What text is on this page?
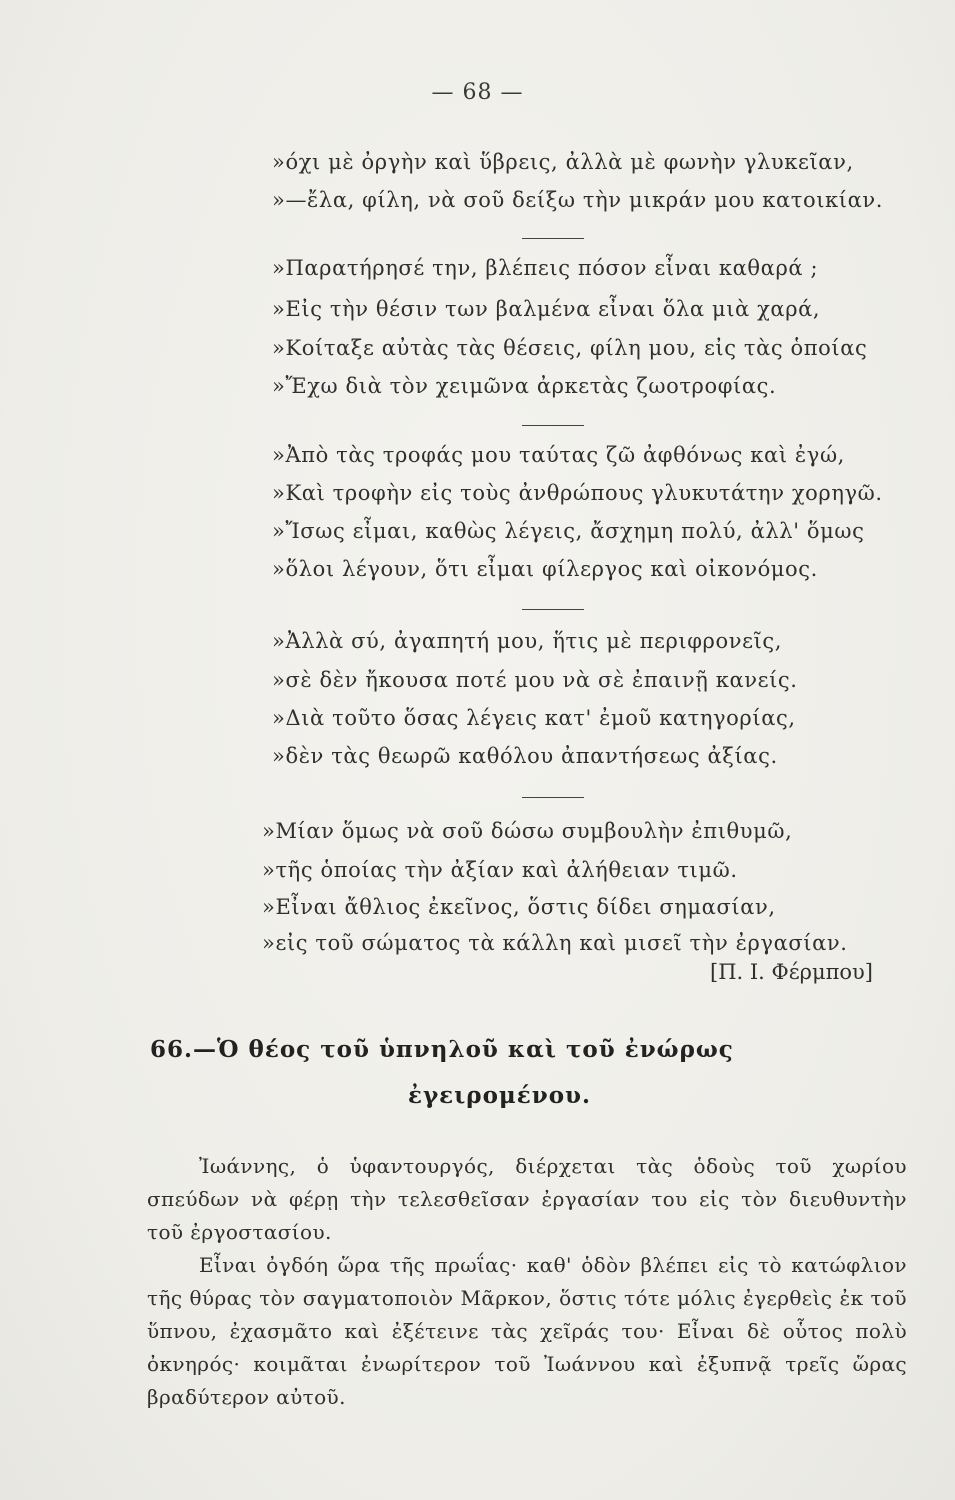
— 68 —
»όχι μὲ ὀργὴν καὶ ὕβρεις, ἀλλὰ μὲ φωνὴν γλυκεῖαν,
»—ἔλα, φίλη, νὰ σοῦ δείξω τὴν μικράν μου κατοικίαν.
»Παρατήρησέ την, βλέπεις πόσον εἶναι καθαρά ;
»Εἰς τὴν θέσιν των βαλμένα εἶναι ὅλα μιὰ χαρά,
»Κοίταξε αὐτὰς τὰς θέσεις, φίλη μου, εἰς τὰς ὁποίας
»Ἔχω διὰ τὸν χειμῶνα ἀρκετὰς ζωοτροφίας.
»Ἀπὸ τὰς τροφάς μου ταύτας ζῶ ἀφθόνως καὶ ἐγώ,
»Καὶ τροφὴν εἰς τοὺς ἀνθρώπους γλυκυτάτην χορηγῶ.
»Ἴσως εἶμαι, καθὼς λέγεις, ἄσχημη πολύ, ἀλλ' ὅμως
»ὅλοι λέγουν, ὅτι εἶμαι φίλεργος καὶ οἰκονόμος.
»Ἀλλὰ σύ, ἀγαπητή μου, ἥτις μὲ περιφρονεῖς,
»σὲ δὲν ἤκουσα ποτέ μου νὰ σὲ ἐπαινῇ κανείς.
»Διὰ τοῦτο ὅσας λέγεις κατ' ἐμοῦ κατηγορίας,
»δὲν τὰς θεωρῶ καθόλου ἀπαντήσεως ἀξίας.
»Μίαν ὅμως νὰ σοῦ δώσω συμβουλὴν ἐπιθυμῶ,
»τῆς ὁποίας τὴν ἀξίαν καὶ ἀλήθειαν τιμῶ.
»Εἶναι ἄθλιος ἐκεῖνος, ὅστις δίδει σημασίαν,
»εἰς τοῦ σώματος τὰ κάλλη καὶ μισεῖ τὴν ἐργασίαν.
[Π. Ι. Φέρμπου]
66.—Ὁ θέος τοῦ ὑπνηλοῦ καὶ τοῦ ἐνώρως
ἐγειρομένου.

Ἰωάννης, ὁ ὑφαντουργός, διέρχεται τὰς ὁδοὺς τοῦ χωρίου σπεύδων νὰ φέρῃ τὴν τελεσθεῖσαν ἐργασίαν του εἰς τὸν διευθυντὴν τοῦ ἐργοστασίου.

Εἶναι ὀγδόη ὥρα τῆς πρωΐας· καθ' ὁδὸν βλέπει εἰς τὸ κατώφλιον τῆς θύρας τὸν σαγματοποιὸν Μᾶρκον, ὅστις τότε μόλις ἐγερθεὶς ἐκ τοῦ ὕπνου, ἐχασμᾶτο καὶ ἐξέτεινε τὰς χεῖράς του· Εἶναι δὲ οὗτος πολὺ ὀκνηρός· κοιμᾶται ἐνωρίτερον τοῦ Ἰωάννου καὶ ἐξυπνᾷ τρεῖς ὥρας βραδύτερον αὐτοῦ.
